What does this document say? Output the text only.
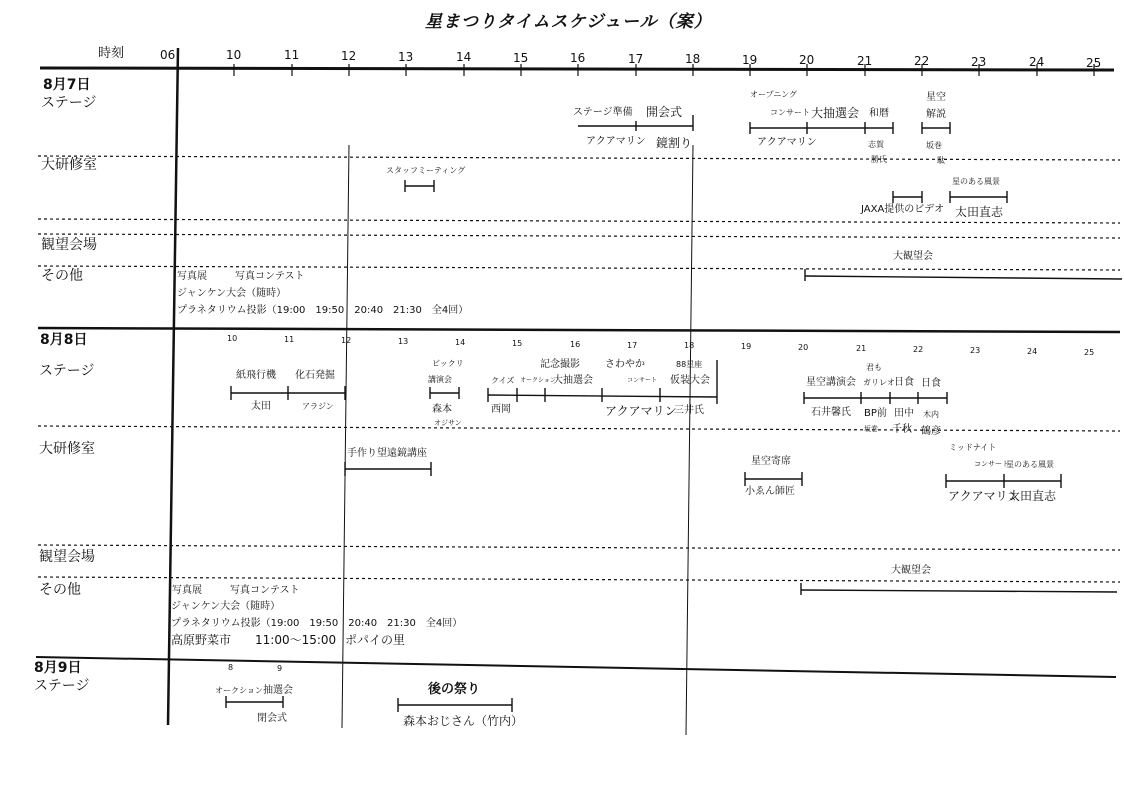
星まつりタイムスケジュール（案）
時刻	06	10	11	12	13	14	15	16	17	18	19	20	21	22	23	24	25
8月7日
ステージ
大研修室
観望会場
その他
ステージ準備 開会式
アクアマリン 鏡割り
オープニング
コンサート 大抽選会 和暦
アクアマリン	志賀
勝氏
星空
解説
坂巻
駄
スタッフミーティング
JAXA提供のビデオ
星のある風景
太田直志
大観望会
写真展	写真コンテスト
ジャンケン大会（随時）
プラネタリウム投影（19:00　19:50　20:40　21:30　全4回）
8月8日	10	11	12	13	14	15	16	17	18	19	20	21	22	23	24	25
ステージ
大研修室
観望会場
その他
紙飛行機
太田
化石発掘
アラジン
ビックリ
講演会
森本
オジサン
クイズ
西岡
オークション
記念撮影
大抽選会
アクアマリン
さわやか
コンサート
88星座
仮装大会
三井氏
星空講演会
石井馨氏
君も
ガリレオ
BP前
坂巻
日食
田中
千秋
日食
木内
鶴彦
手作り望遠鏡講座
星空寄席
小ゑん師匠
ミッドナイト
コンサート
星のある風景
アクアマリン
太田直志
大観望会
写真展	写真コンテスト
ジャンケン大会（随時）
プラネタリウム投影（19:00　19:50　20:40　21:30　全4回）
高原野菜市　　11:00～15:00 ポパイの里
8月9日
ステージ
8	9
オークション 抽選会
閉会式
後の祭り
森本おじさん（竹内）
